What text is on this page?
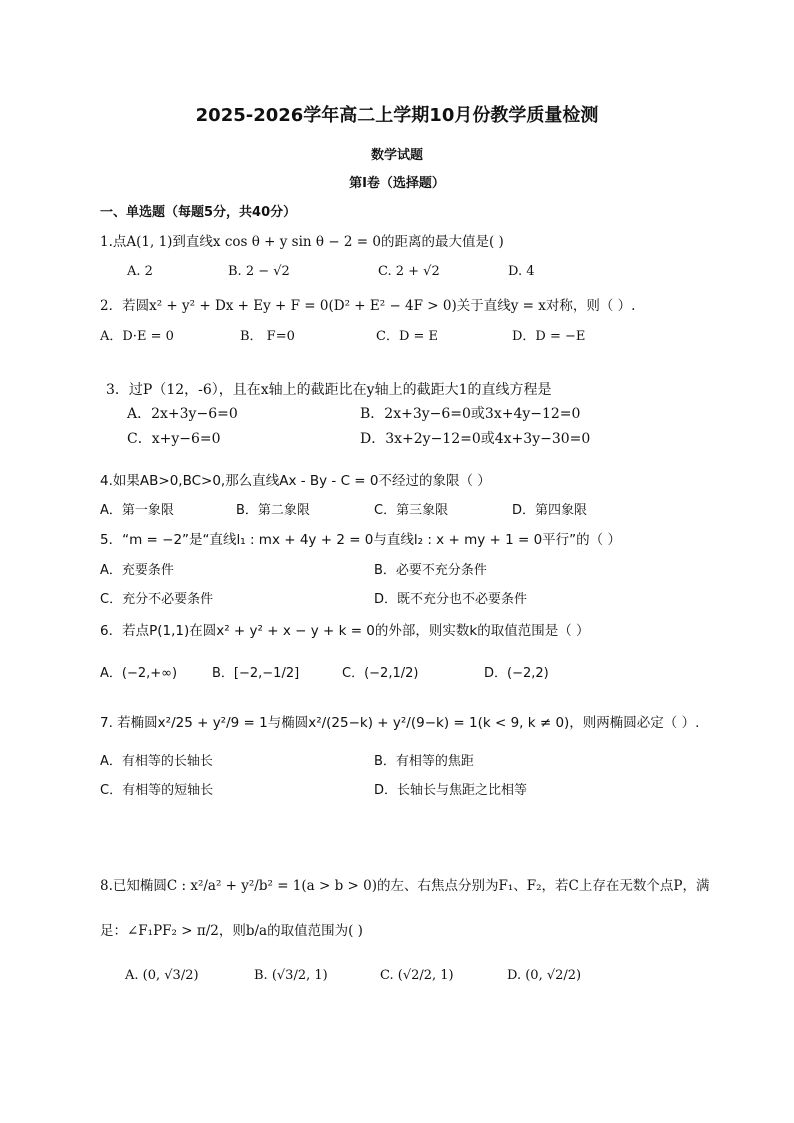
2025-2026学年高二上学期10月份教学质量检测
数学试题
第Ⅰ卷（选择题）
一、单选题（每题5分，共40分）
1.点A(1, 1)到直线x cos θ + y sin θ − 2 = 0的距离的最大值是( )
A. 2	B. 2 − √2	C. 2 + √2	D. 4
2．若圆x² + y² + Dx + Ey + F = 0(D² + E² − 4F > 0)关于直线y = x对称，则（ ）.
A．D·E = 0	B． F=0	C．D = E	D．D = −E
3．过P（12，-6），且在x轴上的截距比在y轴上的截距大1的直线方程是
A．2x+3y−6=0	B．2x+3y−6=0或3x+4y−12=0
C．x+y−6=0	D．3x+2y−12=0或4x+3y−30=0
4.如果AB>0,BC>0,那么直线Ax - By - C = 0不经过的象限（ ）
A．第一象限	B．第二象限	C．第三象限	D．第四象限
5．“m = −2”是“直线l₁ : mx + 4y + 2 = 0与直线l₂ : x + my + 1 = 0平行”的（ ）
A．充要条件	B．必要不充分条件
C．充分不必要条件	D．既不充分也不必要条件
6．若点P(1,1)在圆x² + y² + x − y + k = 0的外部，则实数k的取值范围是（ ）
A．(−2,+∞)	B．[−2,−1/2]	C．(−2,1/2)	D．(−2,2)
7. 若椭圆x²/25 + y²/9 = 1与椭圆x²/(25−k) + y²/(9−k) = 1(k < 9, k ≠ 0)，则两椭圆必定（ ）.
A．有相等的长轴长	B．有相等的焦距
C．有相等的短轴长	D．长轴长与焦距之比相等
8.已知椭圆C : x²/a² + y²/b² = 1(a > b > 0)的左、右焦点分别为F₁、F₂，若C上存在无数个点P，满
足：∠F₁PF₂ > π/2，则b/a的取值范围为( )
A. (0, √3/2)	B. (√3/2, 1)	C. (√2/2, 1)	D. (0, √2/2)
